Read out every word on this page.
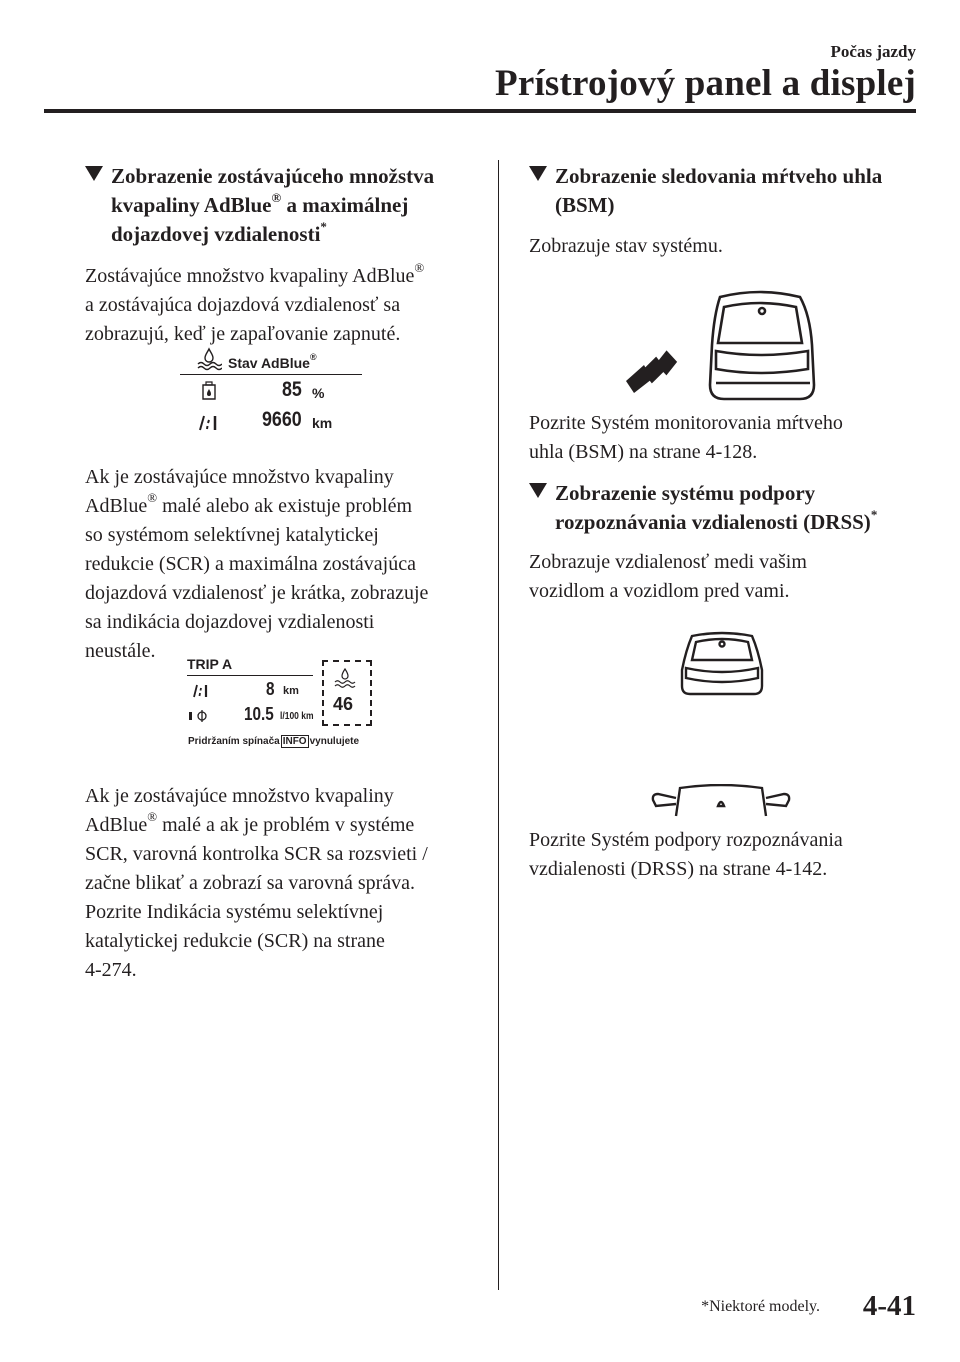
Počas jazdy
Prístrojový panel a displej
Zobrazenie zostávajúceho množstva
kvapaliny AdBlue® a maximálnej
dojazdovej vzdialenosti*
Zostávajúce množstvo kvapaliny AdBlue®
a zostávajúca dojazdová vzdialenosť sa
zobrazujú, keď je zapaľovanie zapnuté.
Stav AdBlue®
85 %
9660 km
Ak je zostávajúce množstvo kvapaliny
AdBlue® malé alebo ak existuje problém
so systémom selektívnej katalytickej
redukcie (SCR) a maximálna zostávajúca
dojazdová vzdialenosť je krátka, zobrazuje
sa indikácia dojazdovej vzdialenosti
neustále.
TRIP A
8 km
10.5 l/100 km
46
Pridržaním spínača INFO vynulujete
Ak je zostávajúce množstvo kvapaliny
AdBlue® malé a ak je problém v systéme
SCR, varovná kontrolka SCR sa rozsvieti /
začne blikať a zobrazí sa varovná správa.
Pozrite Indikácia systému selektívnej
katalytickej redukcie (SCR) na strane
4-274.
Zobrazenie sledovania mŕtveho uhla
(BSM)
Zobrazuje stav systému.
Pozrite Systém monitorovania mŕtveho
uhla (BSM) na strane 4-128.
Zobrazenie systému podpory
rozpoznávania vzdialenosti (DRSS)*
Zobrazuje vzdialenosť medi vašim
vozidlom a vozidlom pred vami.
Pozrite Systém podpory rozpoznávania
vzdialenosti (DRSS) na strane 4-142.
*Niektoré modely. 4-41
